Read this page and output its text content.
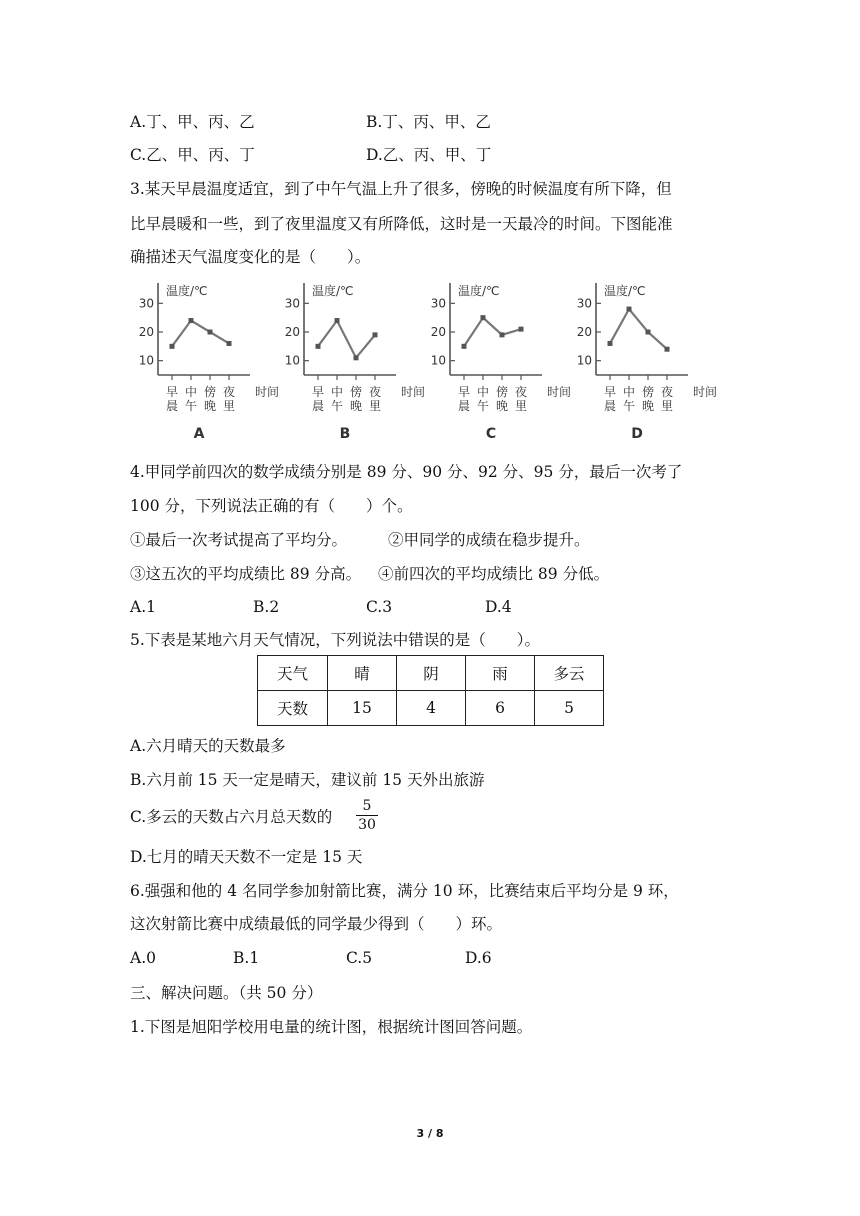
A.丁、甲、丙、乙	B.丁、丙、甲、乙
C.乙、甲、丙、丁	D.乙、丙、甲、丁
3.某天早晨温度适宜，到了中午气温上升了很多，傍晚的时候温度有所下降，但
比早晨暖和一些，到了夜里温度又有所降低，这时是一天最冷的时间。下图能准
确描述天气温度变化的是（　　）。
温度/℃
10
20
30
早
晨
中
午
傍
晚
夜
里
时间
A
温度/℃
10
20
30
早
晨
中
午
傍
晚
夜
里
时间
B
温度/℃
10
20
30
早
晨
中
午
傍
晚
夜
里
时间
C
温度/℃
10
20
30
早
晨
中
午
傍
晚
夜
里
时间
D
4.甲同学前四次的数学成绩分别是 89 分、90 分、92 分、95 分，最后一次考了
100 分，下列说法正确的有（　　）个。
①最后一次考试提高了平均分。	②甲同学的成绩在稳步提升。
③这五次的平均成绩比 89 分高。 ④前四次的平均成绩比 89 分低。
A.1	B.2	C.3	D.4
5.下表是某地六月天气情况，下列说法中错误的是（　　）。
天气	晴	阴	雨	多云
天数	15	4	6	5
A.六月晴天的天数最多
B.六月前 15 天一定是晴天，建议前 15 天外出旅游
C.多云的天数占六月总天数的
5
30
D.七月的晴天天数不一定是 15 天
6.强强和他的 4 名同学参加射箭比赛，满分 10 环，比赛结束后平均分是 9 环，
这次射箭比赛中成绩最低的同学最少得到（　　）环。
A.0	B.1	C.5	D.6
三、解决问题。（共 50 分）
1.下图是旭阳学校用电量的统计图，根据统计图回答问题。
3 / 8
